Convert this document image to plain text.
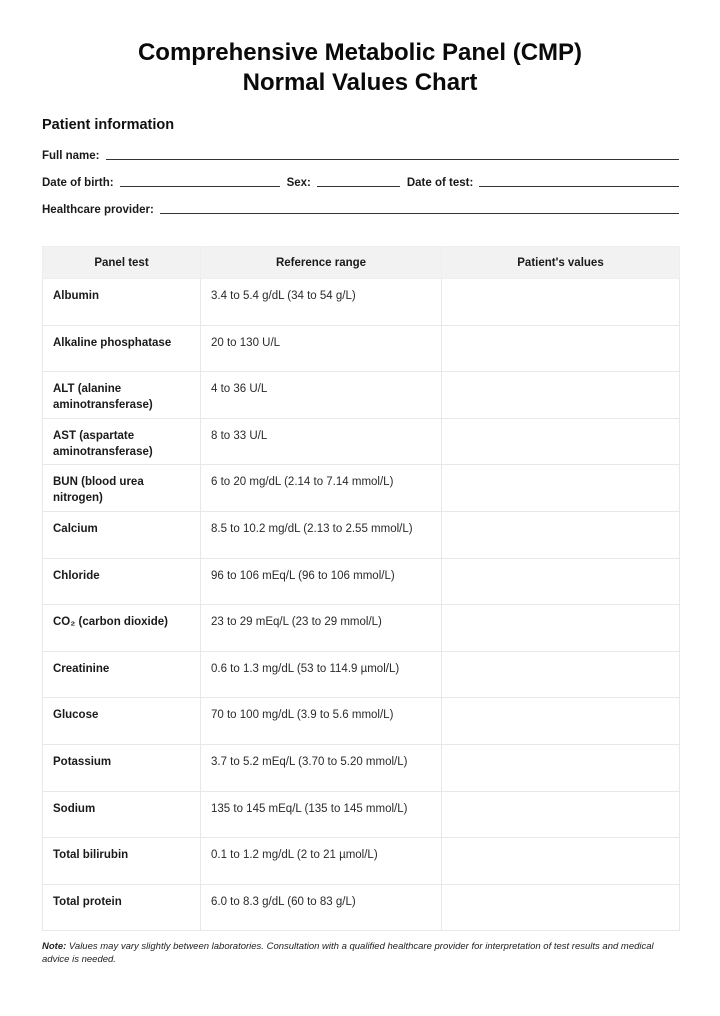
Comprehensive Metabolic Panel (CMP)
Normal Values Chart
Patient information
Full name:
Date of birth:	Sex:	Date of test:
Healthcare provider:
Panel test	Reference range	Patient's values
Albumin	3.4 to 5.4 g/dL (34 to 54 g/L)	
Alkaline phosphatase	20 to 130 U/L	
ALT (alanine aminotransferase)	4 to 36 U/L	
AST (aspartate aminotransferase)	8 to 33 U/L	
BUN (blood urea nitrogen)	6 to 20 mg/dL (2.14 to 7.14 mmol/L)	
Calcium	8.5 to 10.2 mg/dL (2.13 to 2.55 mmol/L)	
Chloride	96 to 106 mEq/L (96 to 106 mmol/L)	
CO₂ (carbon dioxide)	23 to 29 mEq/L (23 to 29 mmol/L)	
Creatinine	0.6 to 1.3 mg/dL (53 to 114.9 µmol/L)	
Glucose	70 to 100 mg/dL (3.9 to 5.6 mmol/L)	
Potassium	3.7 to 5.2 mEq/L (3.70 to 5.20 mmol/L)	
Sodium	135 to 145 mEq/L (135 to 145 mmol/L)	
Total bilirubin	0.1 to 1.2 mg/dL (2 to 21 µmol/L)	
Total protein	6.0 to 8.3 g/dL (60 to 83 g/L)	
Note: Values may vary slightly between laboratories. Consultation with a qualified healthcare provider for interpretation of test results and medical advice is needed.
